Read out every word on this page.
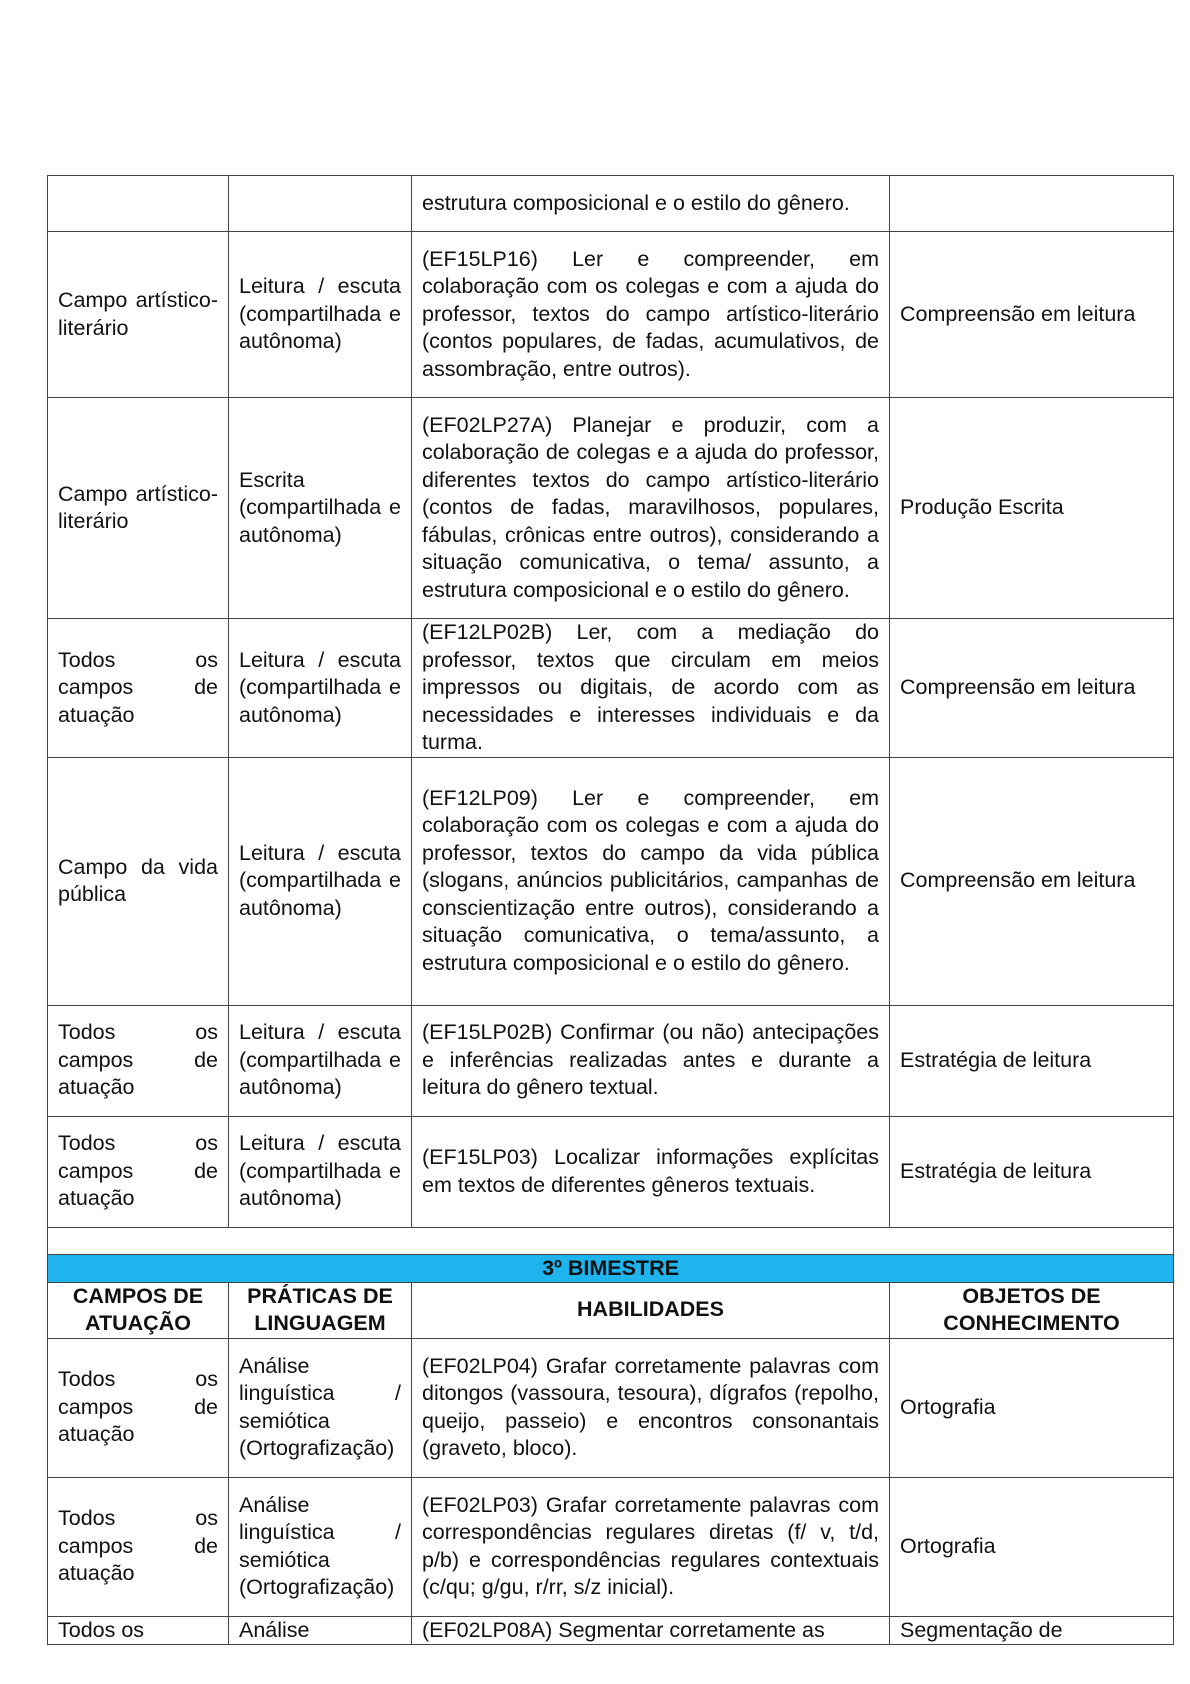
		estrutura composicional e o estilo do gênero.	
Campo artístico-literário	Leitura / escuta (compartilhada e autônoma)	(EF15LP16) Ler e compreender, em colaboração com os colegas e com a ajuda do professor, textos do campo artístico-literário (contos populares, de fadas, acumulativos, de assombração, entre outros).	Compreensão em leitura
Campo artístico-literário	Escrita (compartilhada e autônoma)	(EF02LP27A) Planejar e produzir, com a colaboração de colegas e a ajuda do professor, diferentes textos do campo artístico-literário (contos de fadas, maravilhosos, populares, fábulas, crônicas entre outros), considerando a situação comunicativa, o tema/ assunto, a estrutura composicional e o estilo do gênero.	Produção Escrita
Todos os campos de atuação	Leitura / escuta (compartilhada e autônoma)	(EF12LP02B) Ler, com a mediação do professor, textos que circulam em meios impressos ou digitais, de acordo com as necessidades e interesses individuais e da turma.	Compreensão em leitura
Campo da vida pública	Leitura / escuta (compartilhada e autônoma)	(EF12LP09) Ler e compreender, em colaboração com os colegas e com a ajuda do professor, textos do campo da vida pública (slogans, anúncios publicitários, campanhas de conscientização entre outros), considerando a situação comunicativa, o tema/assunto, a estrutura composicional e o estilo do gênero.	Compreensão em leitura
Todos os campos de atuação	Leitura / escuta (compartilhada e autônoma)	(EF15LP02B) Confirmar (ou não) antecipações e inferências realizadas antes e durante a leitura do gênero textual.	Estratégia de leitura
Todos os campos de atuação	Leitura / escuta (compartilhada e autônoma)	(EF15LP03) Localizar informações explícitas em textos de diferentes gêneros textuais.	Estratégia de leitura

3º BIMESTRE			
CAMPOS DE ATUAÇÃO	PRÁTICAS DE LINGUAGEM	HABILIDADES	OBJETOS DE CONHECIMENTO
Todos os campos de atuação	Análise linguística / semiótica (Ortografização)	(EF02LP04) Grafar corretamente palavras com ditongos (vassoura, tesoura), dígrafos (repolho, queijo, passeio) e encontros consonantais (graveto, bloco).	Ortografia
Todos os campos de atuação	Análise linguística / semiótica (Ortografização)	(EF02LP03) Grafar corretamente palavras com correspondências regulares diretas (f/ v, t/d, p/b) e correspondências regulares contextuais (c/qu; g/gu, r/rr, s/z inicial).	Ortografia
Todos os	Análise	(EF02LP08A) Segmentar corretamente as	Segmentação de
